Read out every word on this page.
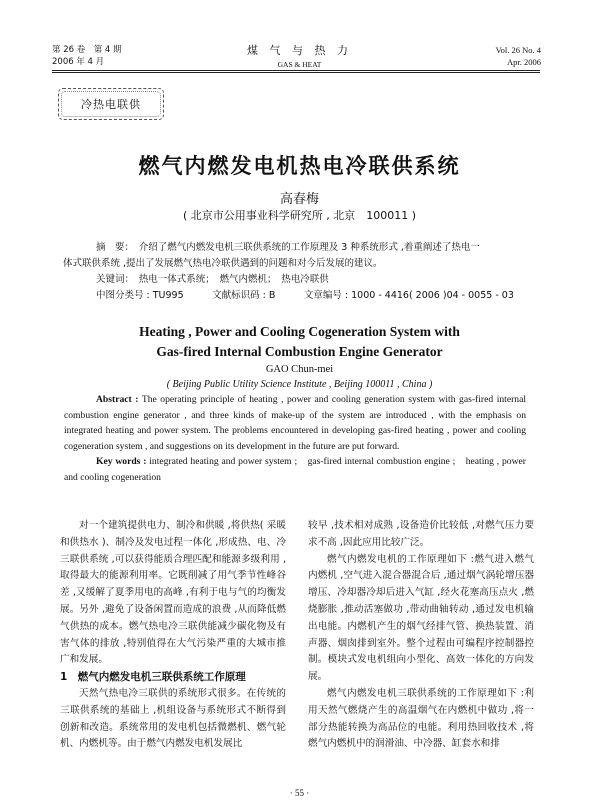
第 26 卷　第 4 期
2006 年 4 月
煤 气 与 热 力
GAS & HEAT
Vol. 26 No. 4
Apr. 2006
冷热电联供
燃气内燃发电机热电冷联供系统
高春梅
( 北京市公用事业科学研究所 , 北京　100011 )
摘　要：　介绍了燃气内燃发电机三联供系统的工作原理及 3 种系统形式 ,着重阐述了热电一
体式联供系统 ,提出了发展燃气热电冷联供遇到的问题和对今后发展的建议。
关键词：　热电一体式系统；　燃气内燃机；　热电冷联供
中图分类号 : TU995　　　文献标识码 : B　　　文章编号 : 1000 - 4416( 2006 )04 - 0055 - 03
Heating , Power and Cooling Cogeneration System with
Gas-fired Internal Combustion Engine Generator
GAO Chun-mei
( Beijing Public Utility Science Institute , Beijing 100011 , China )
Abstract : The operating principle of heating , power and cooling generation system with gas-fired internal combustion engine generator , and three kinds of make-up of the system are introduced , with the emphasis on integrated heating and power system. The problems encountered in developing gas-fired heating , power and cooling cogeneration system , and suggestions on its development in the future are put forward.
Key words : integrated heating and power system ;　gas-fired internal combustion engine ;　heating , power and cooling cogeneration

对一个建筑提供电力、制冷和供暖 ,将供热( 采暖和供热水 )、制冷及发电过程一体化 ,形成热、电、冷三联供系统 ,可以获得能质合理匹配和能源多级利用 ,取得最大的能源利用率。它既削减了用气季节性峰谷差 ,又缓解了夏季用电的高峰 ,有利于电与气的均衡发展。另外 ,避免了设备闲置而造成的浪费 ,从而降低燃气供热的成本。燃气热电冷三联供能减少碳化物及有害气体的排放 ,特别值得在大气污染严重的大城市推广和发展。

1　燃气内燃发电机三联供系统工作原理

天然气热电冷三联供的系统形式很多。在传统的三联供系统的基础上 ,机组设备与系统形式不断得到创新和改造。系统常用的发电机包括微燃机、燃气轮机、内燃机等。由于燃气内燃发电机发展比

较早 ,技术相对成熟 ,设备造价比较低 ,对燃气压力要求不高 ,因此应用比较广泛。

燃气内燃发电机的工作原理如下 :燃气进入燃气内燃机 ,空气进入混合器混合后 ,通过烟气涡轮增压器增压、冷却器冷却后进入气缸 ,经火花塞高压点火 ,燃烧膨胀 ,推动活塞做功 ,带动曲轴转动 ,通过发电机输出电能。内燃机产生的烟气经排气管、换热装置、消声器、烟囱排到室外。整个过程由可编程序控制器控制。模块式发电机组向小型化、高效一体化的方向发展。

燃气内燃发电机三联供系统的工作原理如下 :利用天然气燃烧产生的高温烟气在内燃机中做功 ,将一部分热能转换为高品位的电能。利用热回收技术 ,将燃气内燃机中的润滑油、中冷器、缸套水和排

· 55 ·
